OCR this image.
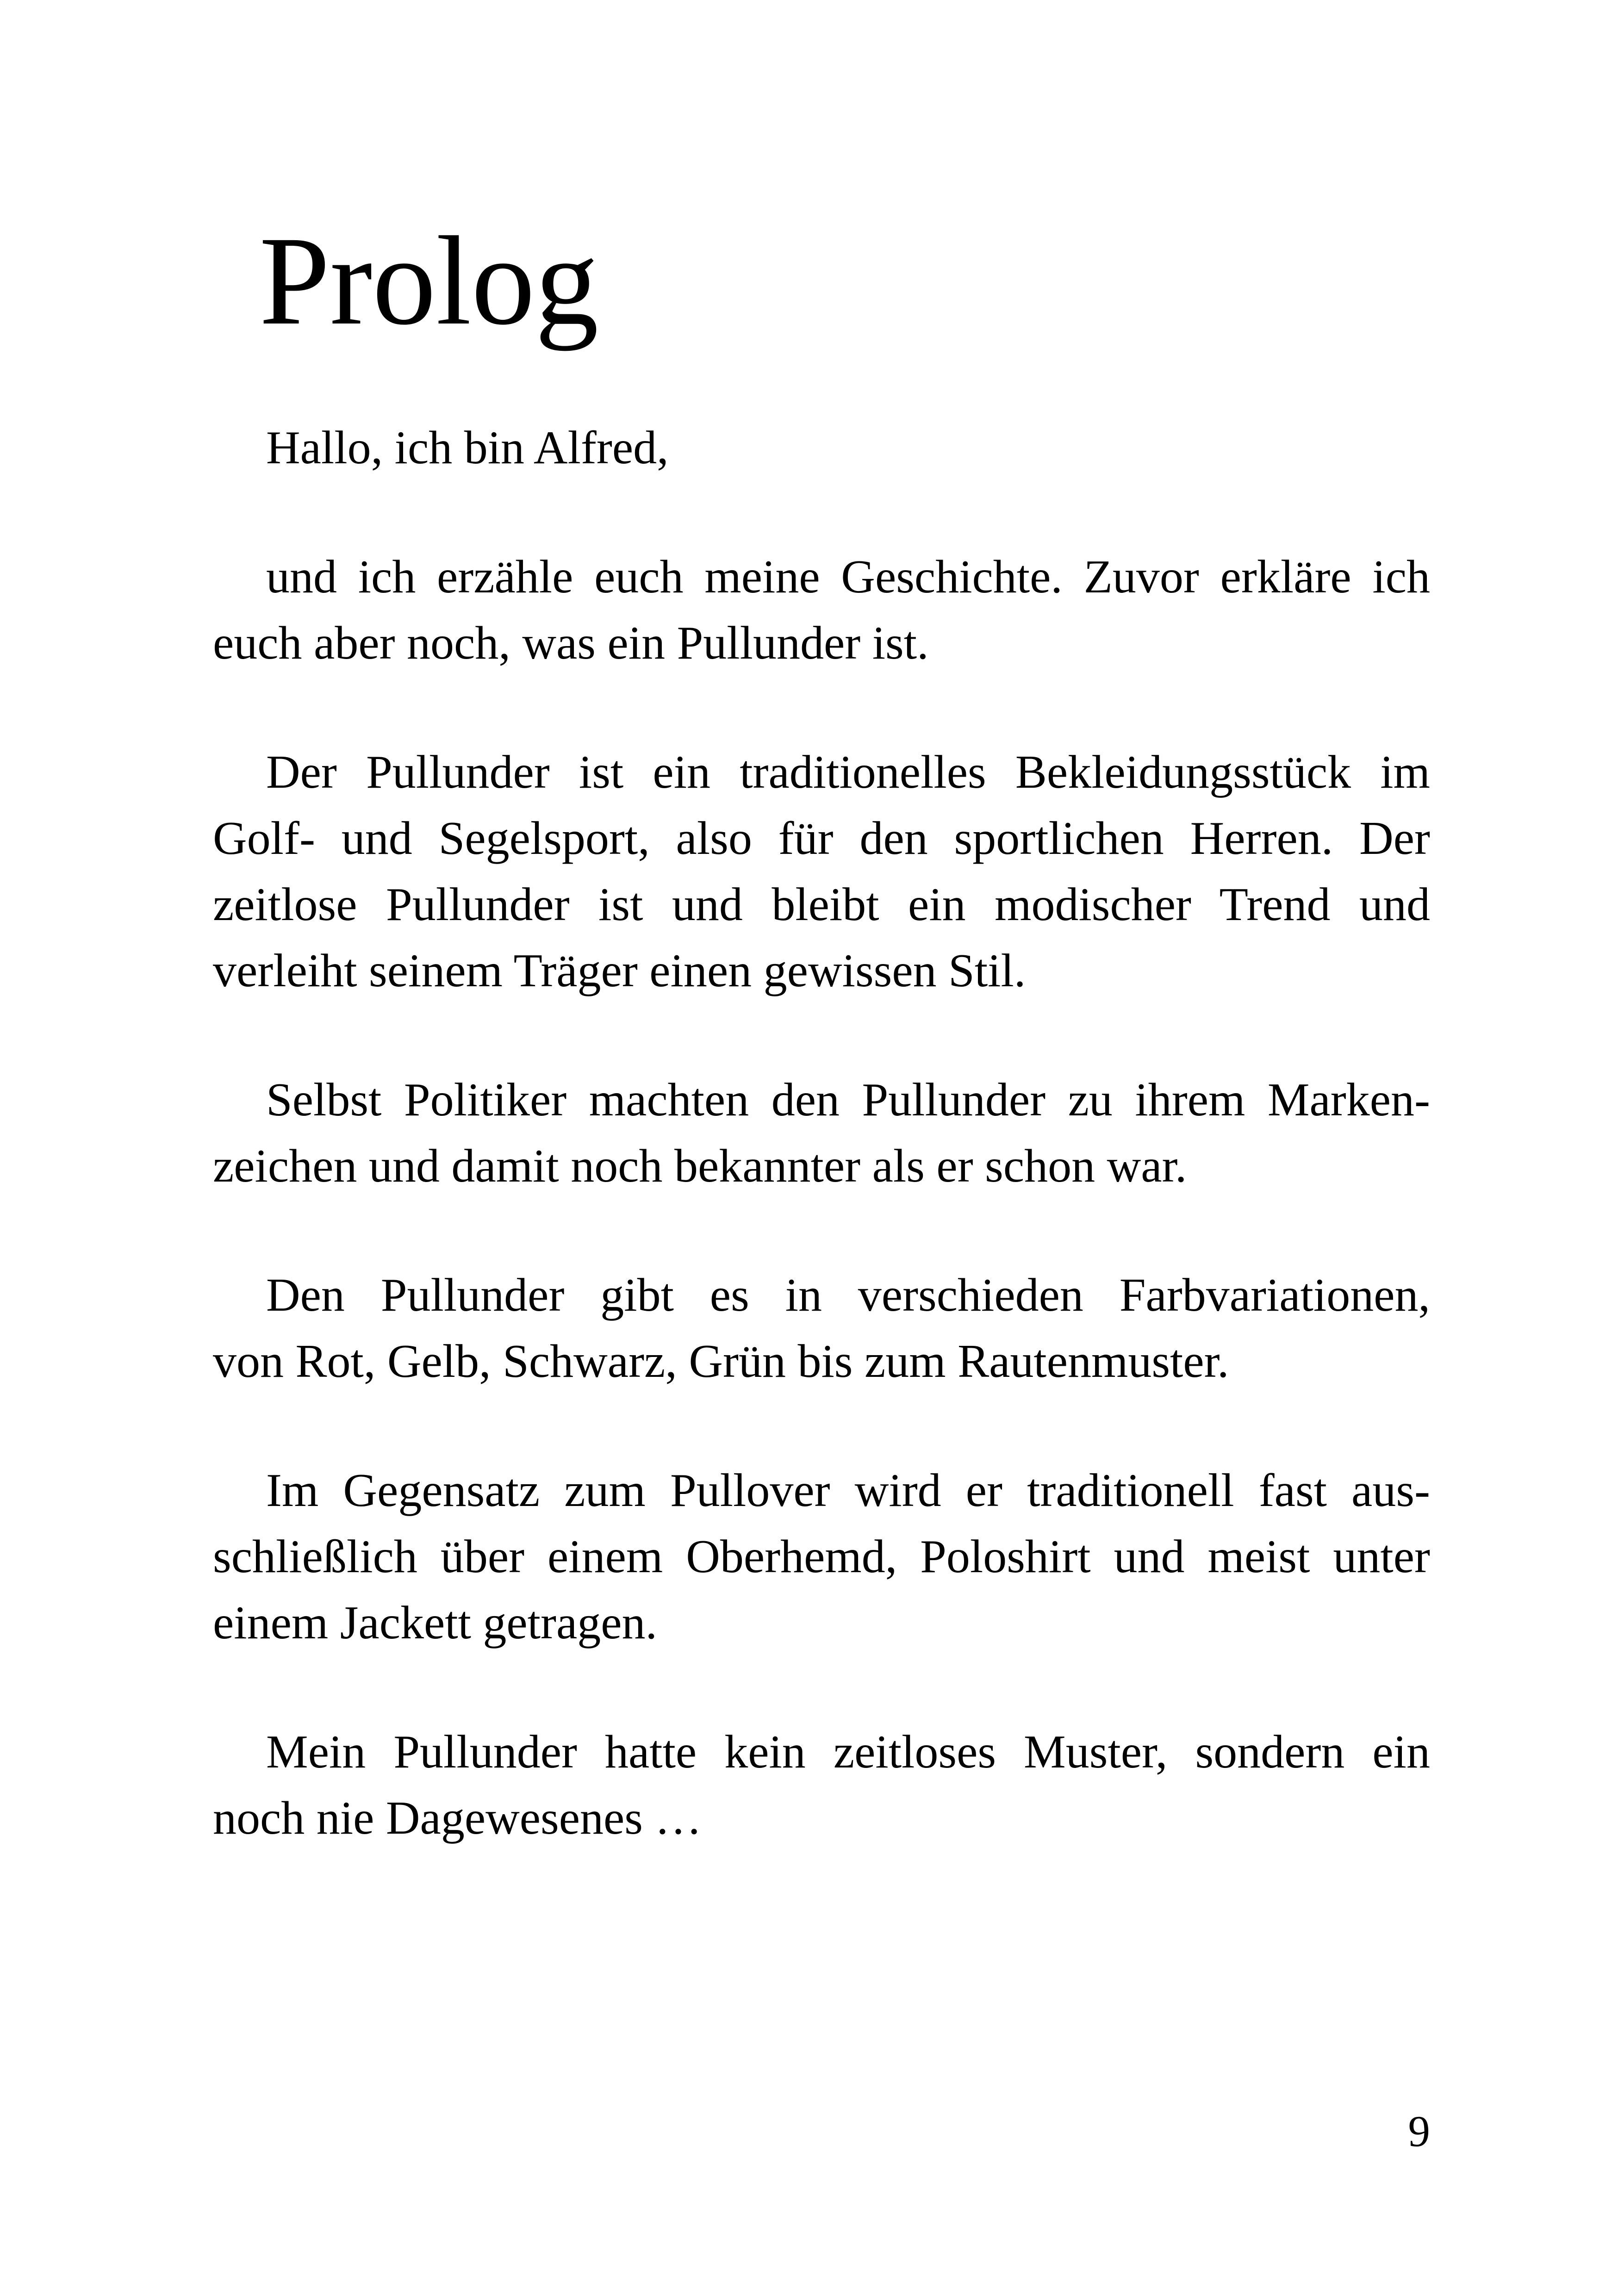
Prolog
Hallo, ich bin Alfred,
und ich erzähle euch meine Geschichte. Zuvor erkläre ich
euch aber noch, was ein Pullunder ist.
Der Pullunder ist ein traditionelles Bekleidungsstück im
Golf- und Segelsport, also für den sportlichen Herren. Der
zeitlose Pullunder ist und bleibt ein modischer Trend und
verleiht seinem Träger einen gewissen Stil.
Selbst Politiker machten den Pullunder zu ihrem Marken-
zeichen und damit noch bekannter als er schon war.
Den Pullunder gibt es in verschieden Farbvariationen,
von Rot, Gelb, Schwarz, Grün bis zum Rautenmuster.
Im Gegensatz zum Pullover wird er traditionell fast aus-
schließlich über einem Oberhemd, Poloshirt und meist unter
einem Jackett getragen.
Mein Pullunder hatte kein zeitloses Muster, sondern ein
noch nie Dagewesenes …
9
